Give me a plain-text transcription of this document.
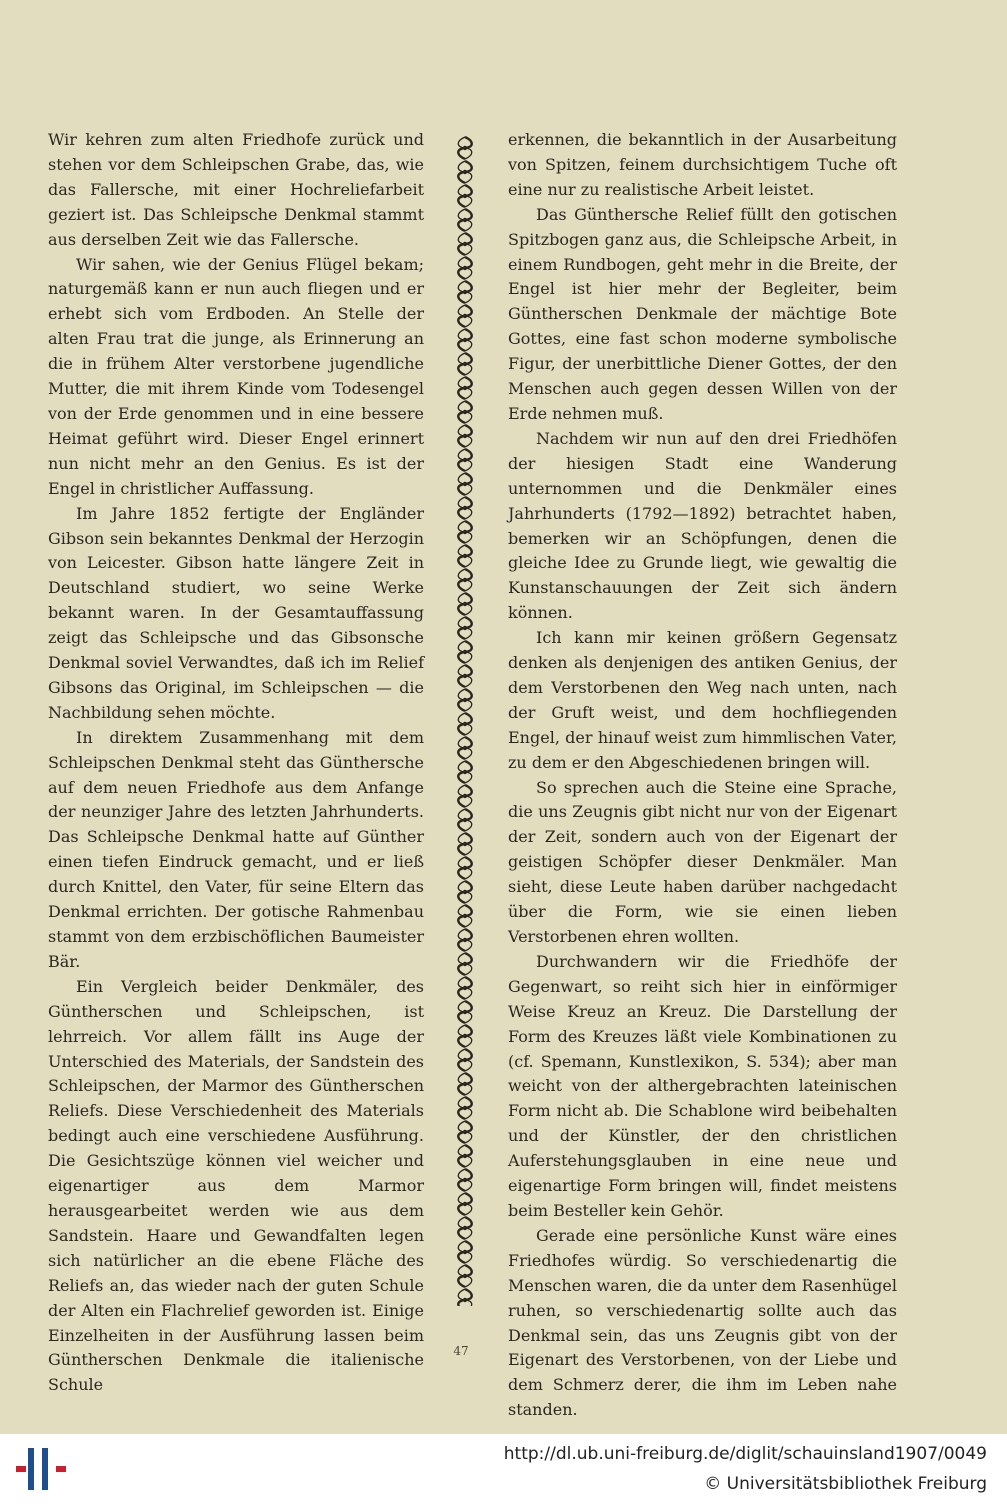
Wir kehren zum alten Friedhofe zurück und stehen vor dem Schleipschen Grabe, das, wie das Fallersche, mit einer Hochreliefarbeit geziert ist. Das Schleipsche Denkmal stammt aus derselben Zeit wie das Fallersche.

Wir sahen, wie der Genius Flügel bekam; naturgemäß kann er nun auch fliegen und er erhebt sich vom Erdboden. An Stelle der alten Frau trat die junge, als Erinnerung an die in frühem Alter verstorbene jugendliche Mutter, die mit ihrem Kinde vom Todesengel von der Erde genommen und in eine bessere Heimat geführt wird. Dieser Engel erinnert nun nicht mehr an den Genius. Es ist der Engel in christlicher Auffassung.

Im Jahre 1852 fertigte der Engländer Gibson sein bekanntes Denkmal der Herzogin von Leicester. Gibson hatte längere Zeit in Deutschland studiert, wo seine Werke bekannt waren. In der Gesamtauffassung zeigt das Schleipsche und das Gibsonsche Denkmal soviel Verwandtes, daß ich im Relief Gibsons das Original, im Schleipschen — die Nachbildung sehen möchte.

In direktem Zusammenhang mit dem Schleipschen Denkmal steht das Günthersche auf dem neuen Friedhofe aus dem Anfange der neunziger Jahre des letzten Jahrhunderts. Das Schleipsche Denkmal hatte auf Günther einen tiefen Eindruck gemacht, und er ließ durch Knittel, den Vater, für seine Eltern das Denkmal errichten. Der gotische Rahmenbau stammt von dem erzbischöflichen Baumeister Bär.

Ein Vergleich beider Denkmäler, des Güntherschen und Schleipschen, ist lehrreich. Vor allem fällt ins Auge der Unterschied des Materials, der Sandstein des Schleipschen, der Marmor des Güntherschen Reliefs. Diese Verschiedenheit des Materials bedingt auch eine verschiedene Ausführung. Die Gesichtszüge können viel weicher und eigenartiger aus dem Marmor herausgearbeitet werden wie aus dem Sandstein. Haare und Gewandfalten legen sich natürlicher an die ebene Fläche des Reliefs an, das wieder nach der guten Schule der Alten ein Flachrelief geworden ist. Einige Einzelheiten in der Ausführung lassen beim Güntherschen Denkmale die italienische Schule

erkennen, die bekanntlich in der Ausarbeitung von Spitzen, feinem durchsichtigem Tuche oft eine nur zu realistische Arbeit leistet.

Das Günthersche Relief füllt den gotischen Spitzbogen ganz aus, die Schleipsche Arbeit, in einem Rundbogen, geht mehr in die Breite, der Engel ist hier mehr der Begleiter, beim Güntherschen Denkmale der mächtige Bote Gottes, eine fast schon moderne symbolische Figur, der unerbittliche Diener Gottes, der den Menschen auch gegen dessen Willen von der Erde nehmen muß.

Nachdem wir nun auf den drei Friedhöfen der hiesigen Stadt eine Wanderung unternommen und die Denkmäler eines Jahrhunderts (1792—1892) betrachtet haben, bemerken wir an Schöpfungen, denen die gleiche Idee zu Grunde liegt, wie gewaltig die Kunstanschauungen der Zeit sich ändern können.

Ich kann mir keinen größern Gegensatz denken als denjenigen des antiken Genius, der dem Verstorbenen den Weg nach unten, nach der Gruft weist, und dem hochfliegenden Engel, der hinauf weist zum himmlischen Vater, zu dem er den Abgeschiedenen bringen will.

So sprechen auch die Steine eine Sprache, die uns Zeugnis gibt nicht nur von der Eigenart der Zeit, sondern auch von der Eigenart der geistigen Schöpfer dieser Denkmäler. Man sieht, diese Leute haben darüber nachgedacht über die Form, wie sie einen lieben Verstorbenen ehren wollten.

Durchwandern wir die Friedhöfe der Gegenwart, so reiht sich hier in einförmiger Weise Kreuz an Kreuz. Die Darstellung der Form des Kreuzes läßt viele Kombinationen zu (cf. Spemann, Kunstlexikon, S. 534); aber man weicht von der althergebrachten lateinischen Form nicht ab. Die Schablone wird beibehalten und der Künstler, der den christlichen Auferstehungsglauben in eine neue und eigenartige Form bringen will, findet meistens beim Besteller kein Gehör.

Gerade eine persönliche Kunst wäre eines Friedhofes würdig. So verschiedenartig die Menschen waren, die da unter dem Rasenhügel ruhen, so verschiedenartig sollte auch das Denkmal sein, das uns Zeugnis gibt von der Eigenart des Verstorbenen, von der Liebe und dem Schmerz derer, die ihm im Leben nahe standen.

47
http://dl.ub.uni-freiburg.de/diglit/schauinsland1907/0049
© Universitätsbibliothek Freiburg
